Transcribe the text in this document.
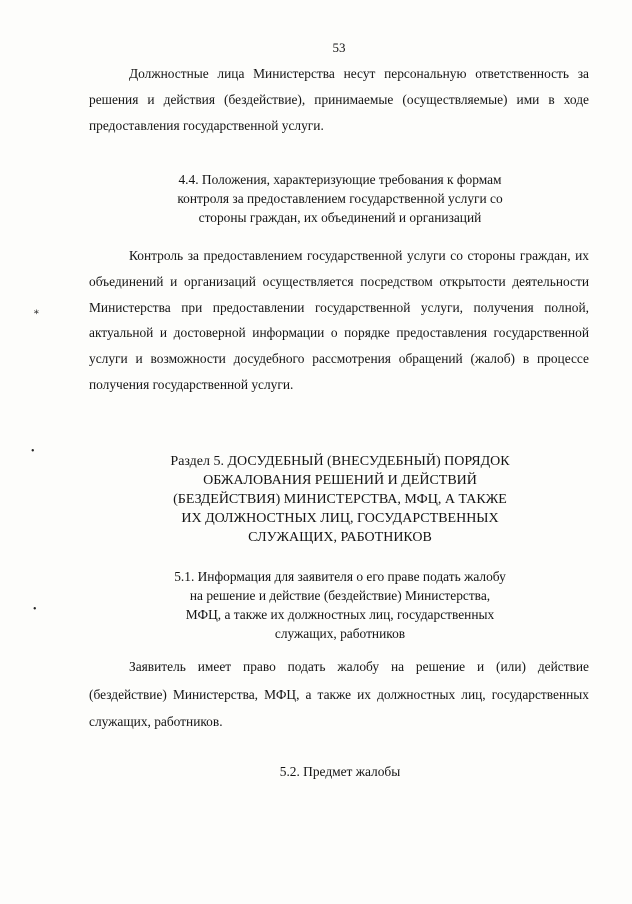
53
Должностные лица Министерства несут персональную ответственность за решения и действия (бездействие), принимаемые (осуществляемые) ими в ходе предоставления государственной услуги.
4.4. Положения, характеризующие требования к формам
контроля за предоставлением государственной услуги со
стороны граждан, их объединений и организаций
Контроль за предоставлением государственной услуги со стороны граждан, их объединений и организаций осуществляется посредством открытости деятельности Министерства при предоставлении государственной услуги, получения полной, актуальной и достоверной информации о порядке предоставления государственной услуги и возможности досудебного рассмотрения обращений (жалоб) в процессе получения государственной услуги.
Раздел 5. ДОСУДЕБНЫЙ (ВНЕСУДЕБНЫЙ) ПОРЯДОК
ОБЖАЛОВАНИЯ РЕШЕНИЙ И ДЕЙСТВИЙ
(БЕЗДЕЙСТВИЯ) МИНИСТЕРСТВА, МФЦ, А ТАКЖЕ
ИХ ДОЛЖНОСТНЫХ ЛИЦ, ГОСУДАРСТВЕННЫХ
СЛУЖАЩИХ, РАБОТНИКОВ
5.1. Информация для заявителя о его праве подать жалобу
на решение и действие (бездействие) Министерства,
МФЦ, а также их должностных лиц, государственных
служащих, работников
Заявитель имеет право подать жалобу на решение и (или) действие (бездействие) Министерства, МФЦ, а также их должностных лиц, государственных служащих, работников.
5.2. Предмет жалобы
∗
•
•
